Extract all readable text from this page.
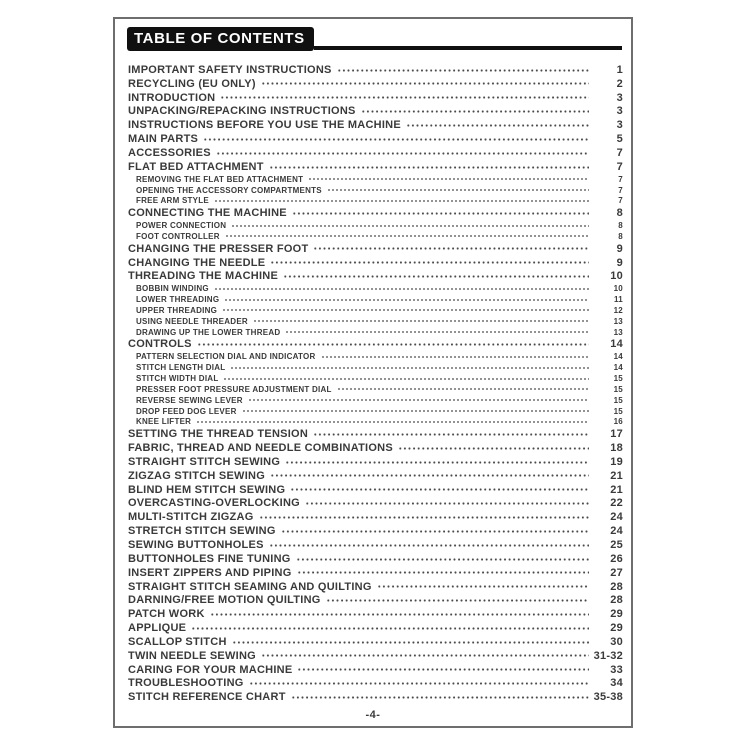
TABLE OF CONTENTS
IMPORTANT SAFETY INSTRUCTIONS	1
RECYCLING (EU ONLY)	2
INTRODUCTION	3
UNPACKING/REPACKING INSTRUCTIONS	3
INSTRUCTIONS BEFORE YOU USE THE MACHINE	3
MAIN PARTS	5
ACCESSORIES	7
FLAT BED ATTACHMENT	7
REMOVING THE FLAT BED ATTACHMENT	7
OPENING THE ACCESSORY COMPARTMENTS	7
FREE ARM STYLE	7
CONNECTING THE MACHINE	8
POWER CONNECTION	8
FOOT CONTROLLER	8
CHANGING THE PRESSER FOOT	9
CHANGING THE NEEDLE	9
THREADING THE MACHINE	10
BOBBIN WINDING	10
LOWER THREADING	11
UPPER THREADING	12
USING NEEDLE THREADER	13
DRAWING UP THE LOWER THREAD	13
CONTROLS	14
PATTERN SELECTION DIAL AND INDICATOR	14
STITCH LENGTH DIAL	14
STITCH WIDTH DIAL	15
PRESSER FOOT PRESSURE ADJUSTMENT DIAL	15
REVERSE SEWING LEVER	15
DROP FEED DOG LEVER	15
KNEE LIFTER	16
SETTING THE THREAD TENSION	17
FABRIC, THREAD AND NEEDLE COMBINATIONS	18
STRAIGHT STITCH SEWING	19
ZIGZAG STITCH SEWING	21
BLIND HEM STITCH SEWING	21
OVERCASTING-OVERLOCKING	22
MULTI-STITCH ZIGZAG	24
STRETCH STITCH SEWING	24
SEWING BUTTONHOLES	25
BUTTONHOLES FINE TUNING	26
INSERT ZIPPERS AND PIPING	27
STRAIGHT STITCH SEAMING AND QUILTING	28
DARNING/FREE MOTION QUILTING	28
PATCH WORK	29
APPLIQUE	29
SCALLOP STITCH	30
TWIN NEEDLE SEWING	31-32
CARING FOR YOUR MACHINE	33
TROUBLESHOOTING	34
STITCH REFERENCE CHART	35-38
-4-
